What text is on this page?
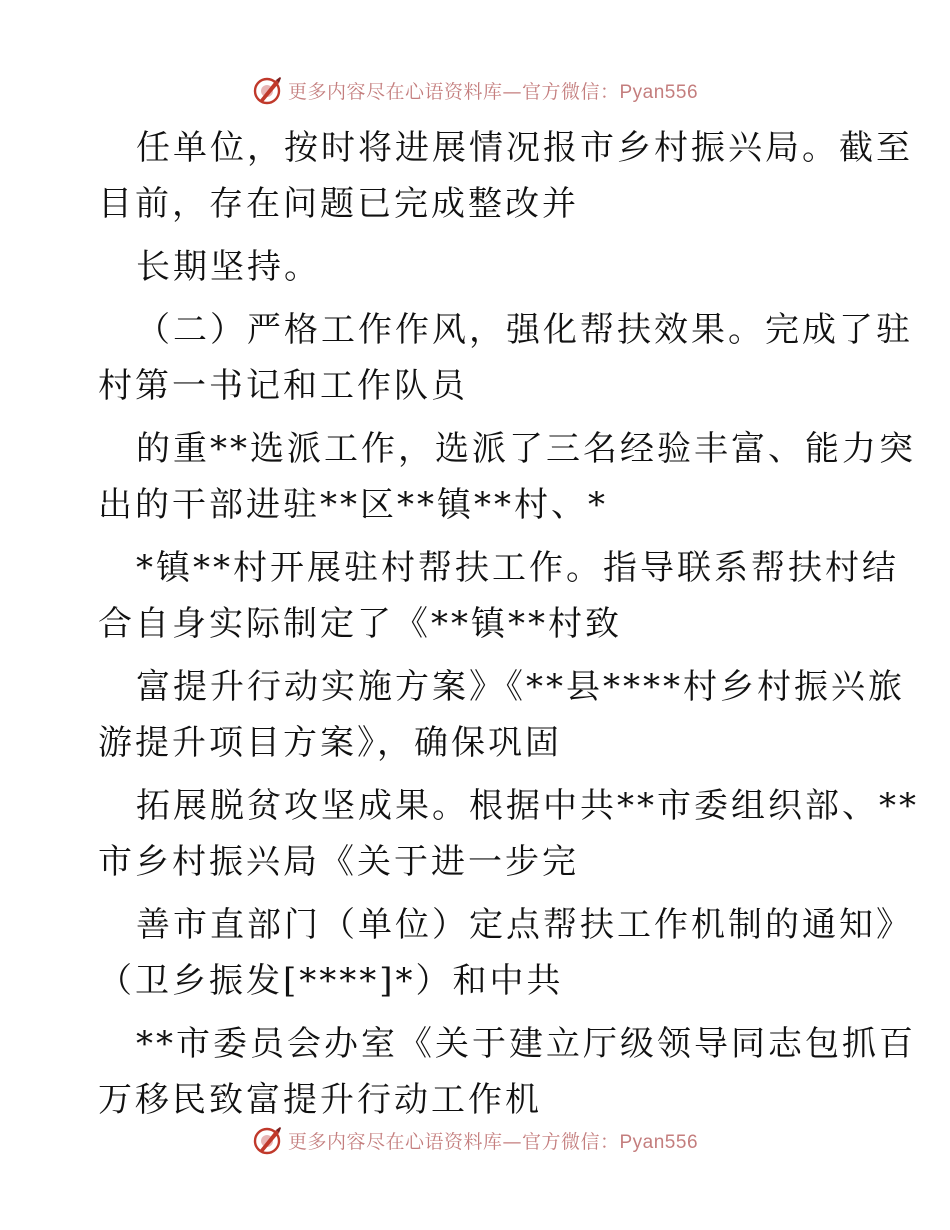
更多内容尽在心语资料库—官方微信：Pyan556
任单位，按时将进展情况报市乡村振兴局。截至
目前，存在问题已完成整改并
长期坚持。
（二）严格工作作风，强化帮扶效果。完成了驻
村第一书记和工作队员
的重**选派工作，选派了三名经验丰富、能力突
出的干部进驻**区**镇**村、*
*镇**村开展驻村帮扶工作。指导联系帮扶村结
合自身实际制定了《**镇**村致
富提升行动实施方案》《**县****村乡村振兴旅
游提升项目方案》，确保巩固
拓展脱贫攻坚成果。根据中共**市委组织部、**
市乡村振兴局《关于进一步完
善市直部门（单位）定点帮扶工作机制的通知》
（卫乡振发[****]*）和中共
**市委员会办室《关于建立厅级领导同志包抓百
万移民致富提升行动工作机
更多内容尽在心语资料库—官方微信：Pyan556
